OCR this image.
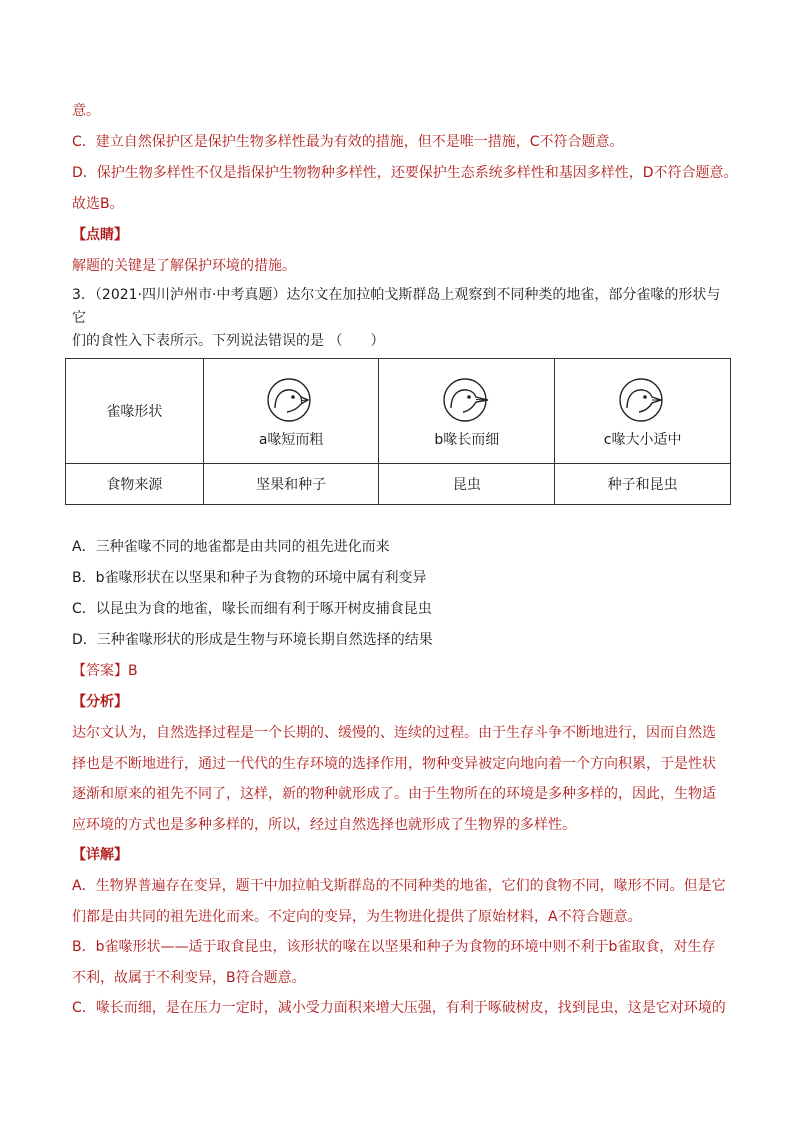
意。
C．建立自然保护区是保护生物多样性最为有效的措施，但不是唯一措施，C不符合题意。
D．保护生物多样性不仅是指保护生物物种多样性，还要保护生态系统多样性和基因多样性，D不符合题意。
故选B。
【点睛】
解题的关键是了解保护环境的措施。
3．（2021·四川泸州市·中考真题）达尔文在加拉帕戈斯群岛上观察到不同种类的地雀，部分雀喙的形状与它
们的食性入下表所示。下列说法错误的是 （　　）
雀喙形状	a喙短而粗	b喙长而细	c喙大小适中

食物来源	坚果和种子	昆虫	种子和昆虫
A．三种雀喙不同的地雀都是由共同的祖先进化而来
B．b雀喙形状在以坚果和种子为食物的环境中属有利变异
C．以昆虫为食的地雀，喙长而细有利于啄开树皮捕食昆虫
D．三种雀喙形状的形成是生物与环境长期自然选择的结果
【答案】B
【分析】
达尔文认为，自然选择过程是一个长期的、缓慢的、连续的过程。由于生存斗争不断地进行，因而自然选
择也是不断地进行，通过一代代的生存环境的选择作用，物种变异被定向地向着一个方向积累，于是性状
逐渐和原来的祖先不同了，这样，新的物种就形成了。由于生物所在的环境是多种多样的，因此，生物适
应环境的方式也是多种多样的，所以，经过自然选择也就形成了生物界的多样性。
【详解】
A．生物界普遍存在变异，题干中加拉帕戈斯群岛的不同种类的地雀，它们的食物不同，喙形不同。但是它
们都是由共同的祖先进化而来。不定向的变异，为生物进化提供了原始材料，A不符合题意。
B．b雀喙形状——适于取食昆虫，该形状的喙在以坚果和种子为食物的环境中则不利于b雀取食，对生存
不利，故属于不利变异，B符合题意。
C．喙长而细，是在压力一定时，减小受力面积来增大压强，有利于啄破树皮，找到昆虫，这是它对环境的
